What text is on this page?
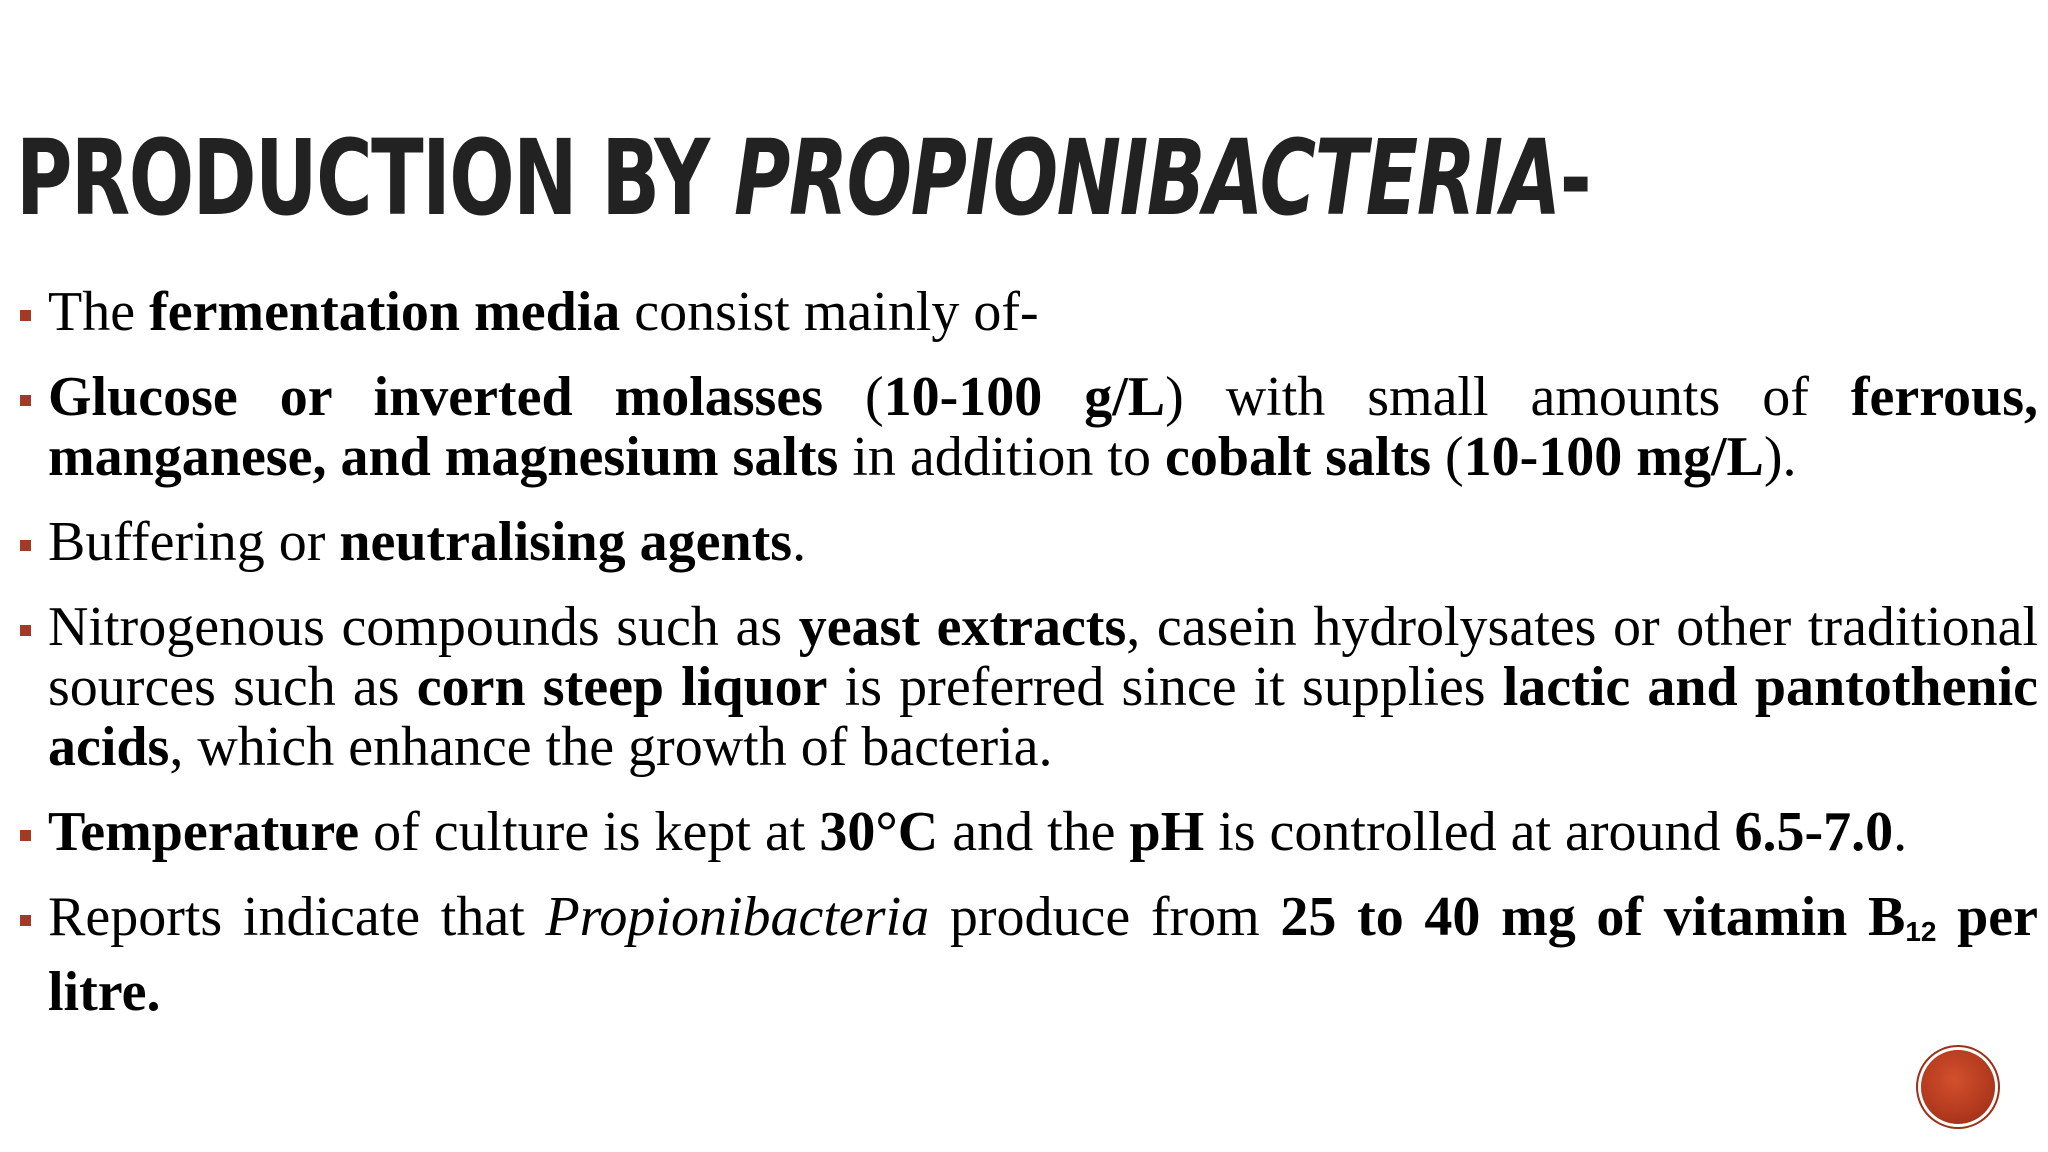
PRODUCTION BY PROPIONIBACTERIA-
The fermentation media consist mainly of-
Glucose or inverted molasses (10-100 g/L) with small amounts of ferrous, manganese, and magnesium salts in addition to cobalt salts (10-100 mg/L).
Buffering or neutralising agents.
Nitrogenous compounds such as yeast extracts, casein hydrolysates or other traditional sources such as corn steep liquor is preferred since it supplies lactic and pantothenic acids, which enhance the growth of bacteria.
Temperature of culture is kept at 30°C and the pH is controlled at around 6.5-7.0.
Reports indicate that Propionibacteria produce from 25 to 40 mg of vitamin $B_{12}$ per litre.
